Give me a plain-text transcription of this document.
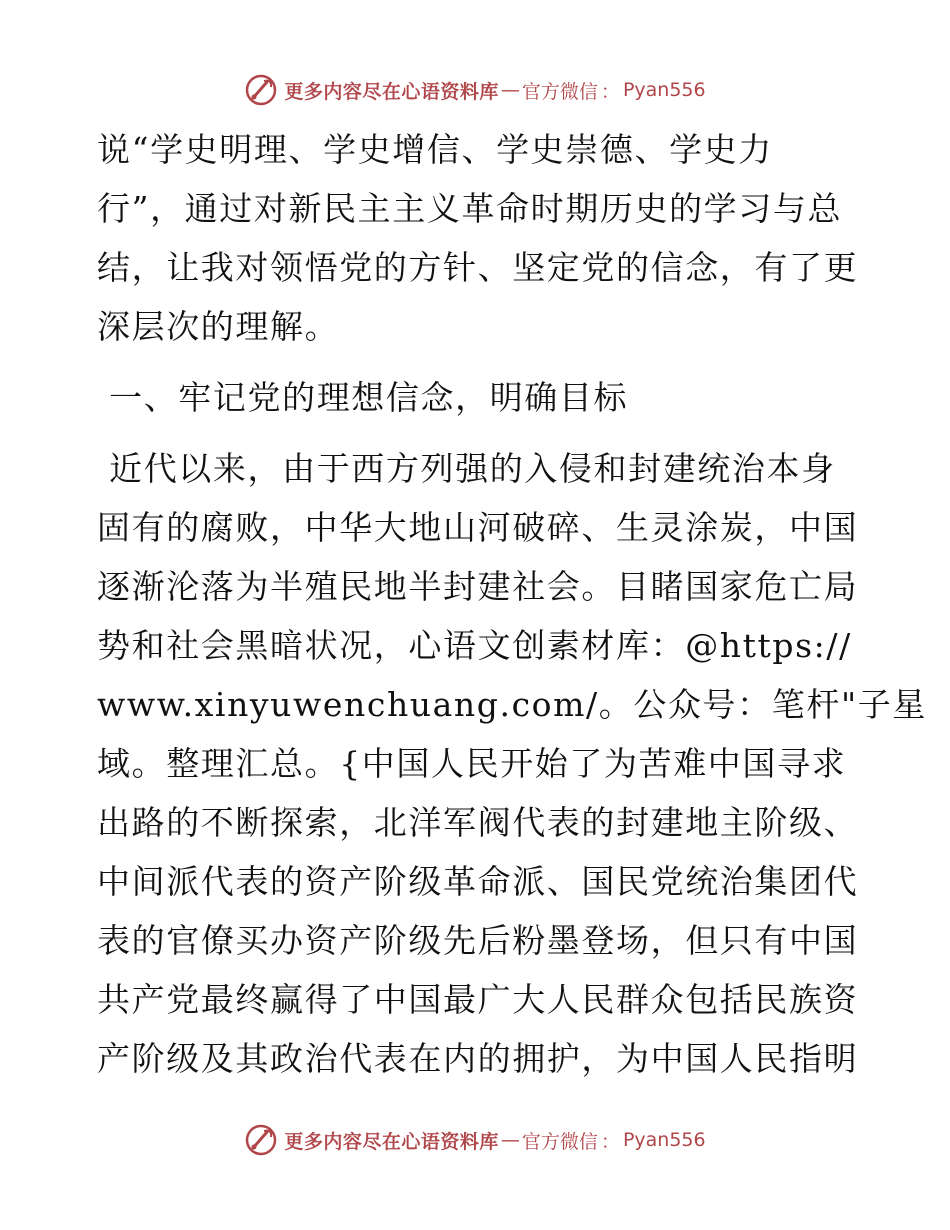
更多内容尽在心语资料库 — 官方微信 ： Pyan556
说“学史明理、学史增信、学史崇德、学史力
行”，通过对新民主主义革命时期历史的学习与总
结，让我对领悟党的方针、坚定党的信念，有了更
深层次的理解。
一、牢记党的理想信念，明确目标
近代以来，由于西方列强的入侵和封建统治本身
固有的腐败，中华大地山河破碎、生灵涂炭，中国
逐渐沦落为半殖民地半封建社会。目睹国家危亡局
势和社会黑暗状况，心语文创素材库：@https://
www.xinyuwenchuang.com/。公众号：笔杆"子星
域。整理汇总。{中国人民开始了为苦难中国寻求
出路的不断探索，北洋军阀代表的封建地主阶级、
中间派代表的资产阶级革命派、国民党统治集团代
表的官僚买办资产阶级先后粉墨登场，但只有中国
共产党最终赢得了中国最广大人民群众包括民族资
产阶级及其政治代表在内的拥护，为中国人民指明
更多内容尽在心语资料库 — 官方微信 ： Pyan556
